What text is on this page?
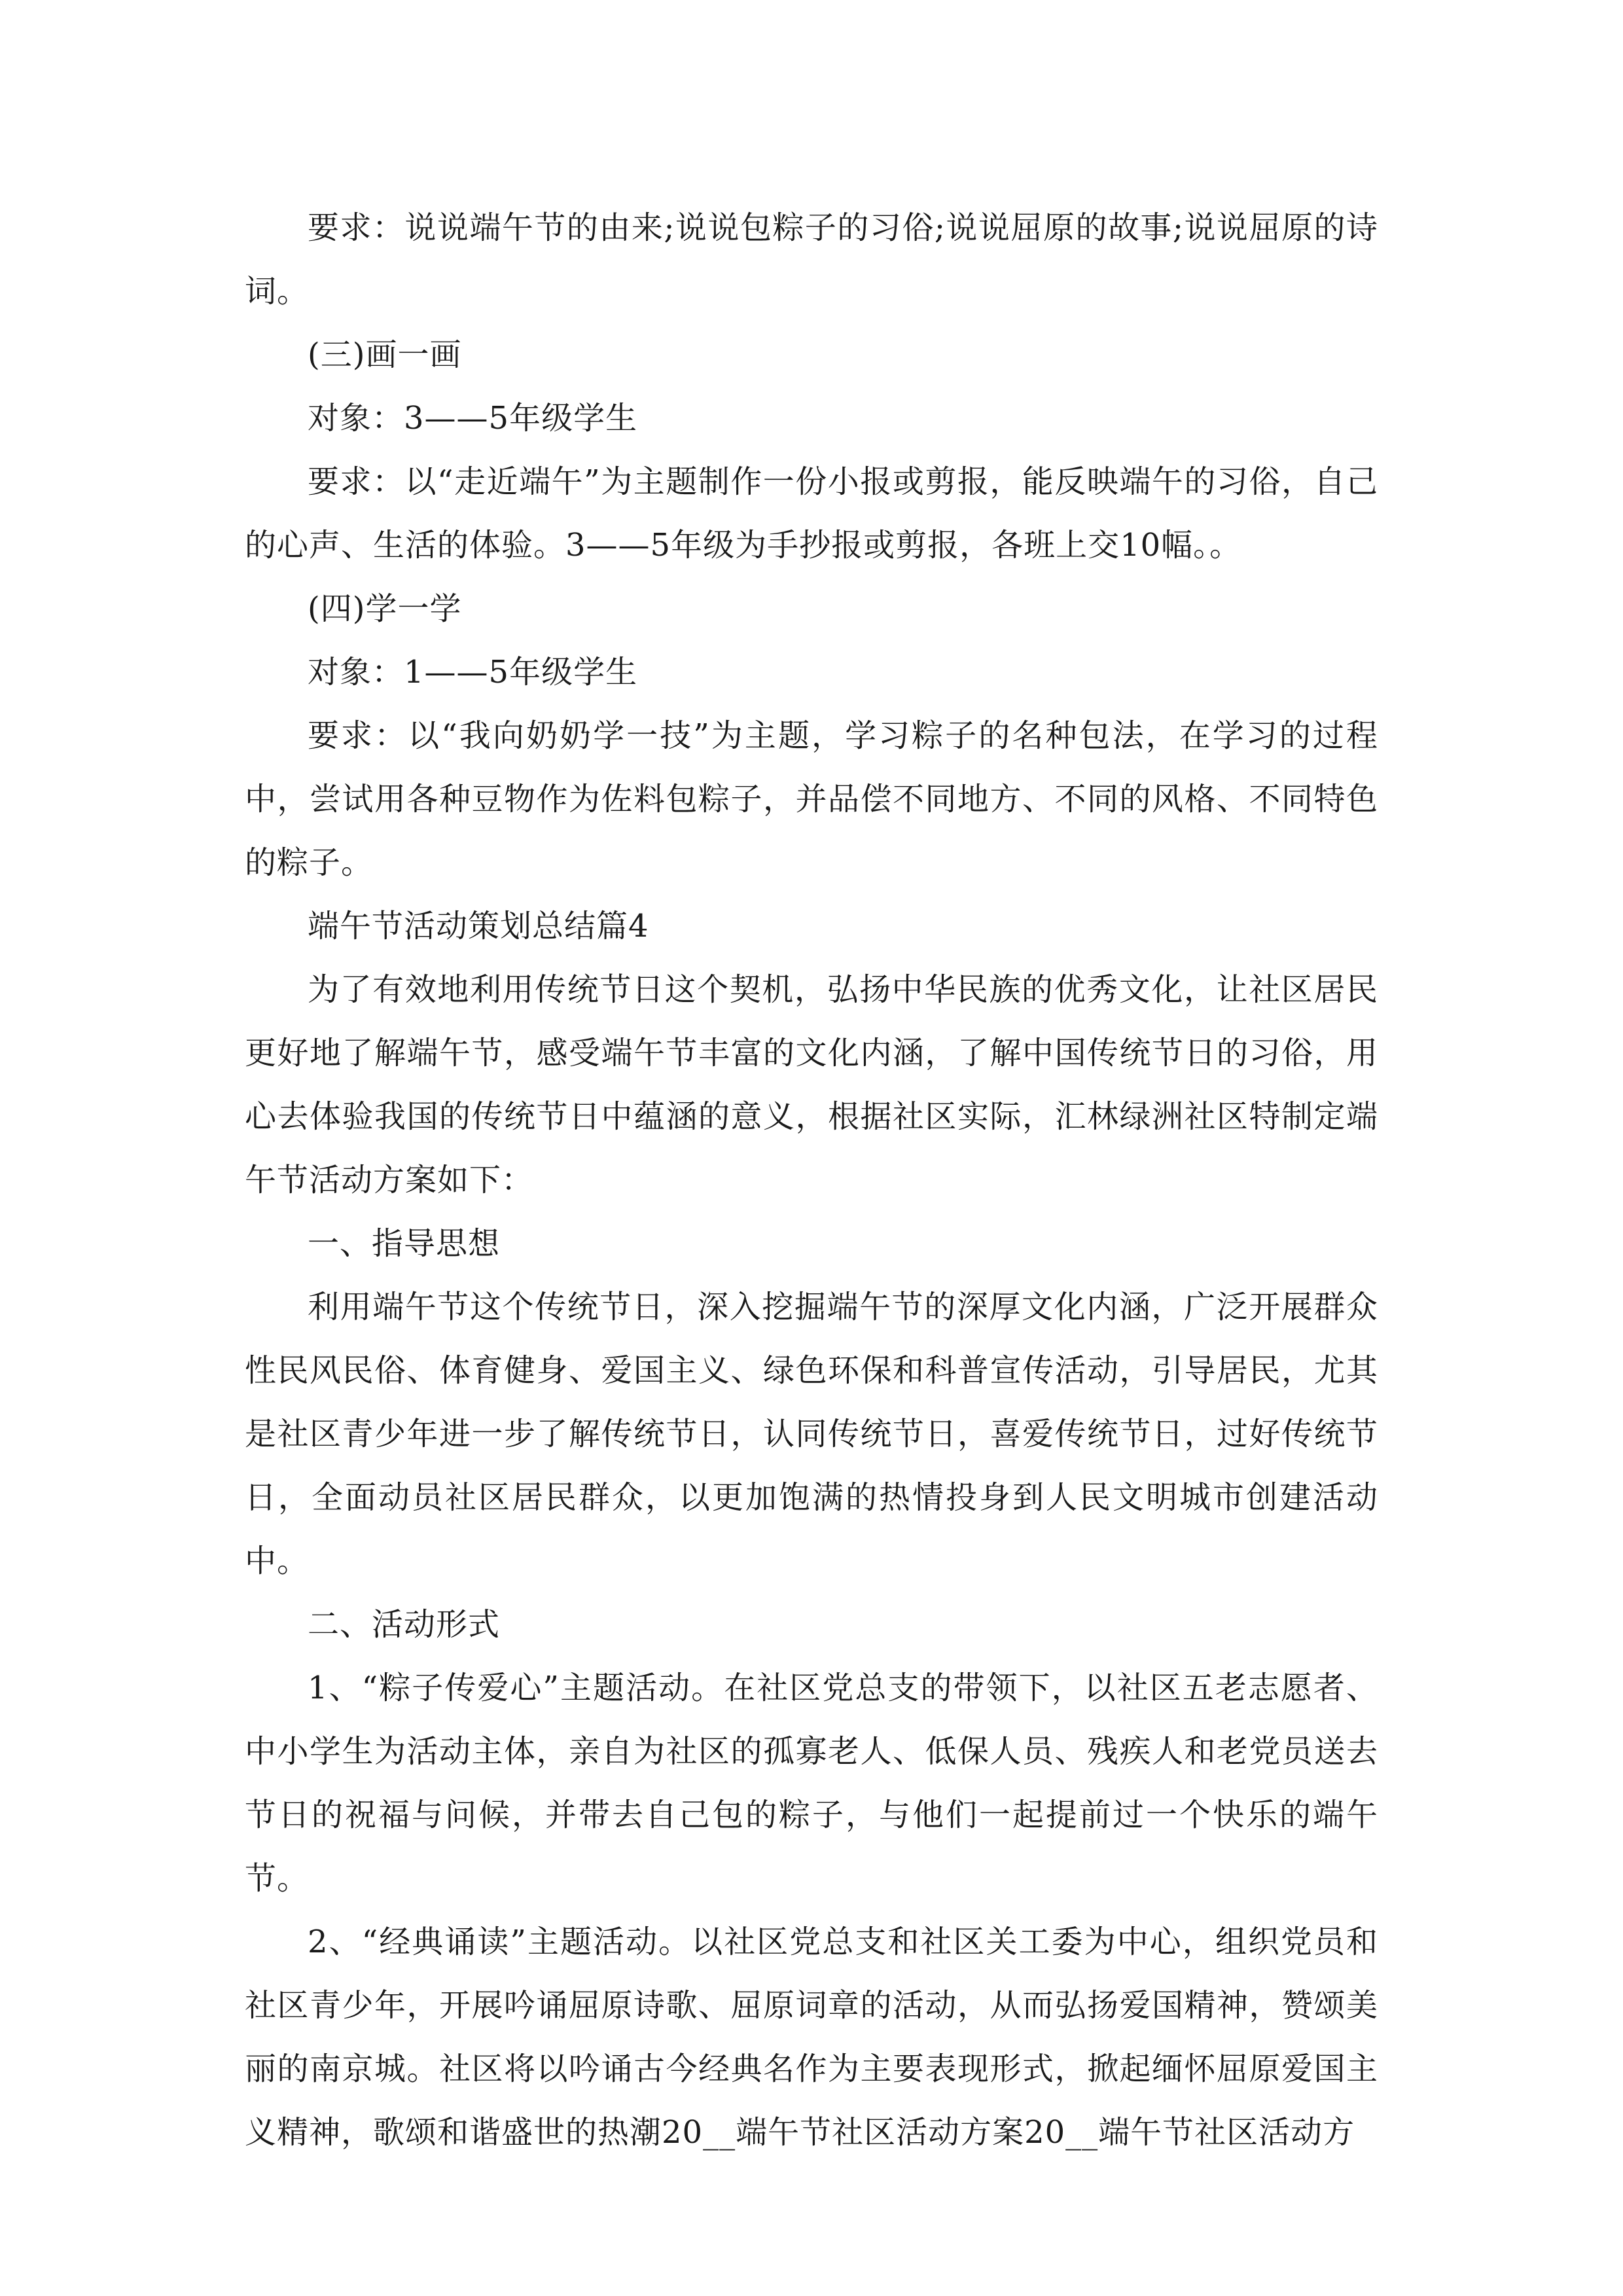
要求：说说端午节的由来;说说包粽子的习俗;说说屈原的故事;说说屈原的诗词。

(三)画一画

对象：3——5年级学生

要求：以“走近端午”为主题制作一份小报或剪报，能反映端午的习俗，自己的心声、生活的体验。3——5年级为手抄报或剪报，各班上交10幅。。

(四)学一学

对象：1——5年级学生

要求：以“我向奶奶学一技”为主题，学习粽子的名种包法，在学习的过程中，尝试用各种豆物作为佐料包粽子，并品偿不同地方、不同的风格、不同特色的粽子。

端午节活动策划总结篇4

为了有效地利用传统节日这个契机，弘扬中华民族的优秀文化，让社区居民更好地了解端午节，感受端午节丰富的文化内涵，了解中国传统节日的习俗，用心去体验我国的传统节日中蕴涵的意义，根据社区实际，汇林绿洲社区特制定端午节活动方案如下：

一、指导思想

利用端午节这个传统节日，深入挖掘端午节的深厚文化内涵，广泛开展群众性民风民俗、体育健身、爱国主义、绿色环保和科普宣传活动，引导居民，尤其是社区青少年进一步了解传统节日，认同传统节日，喜爱传统节日，过好传统节日，全面动员社区居民群众，以更加饱满的热情投身到人民文明城市创建活动中。

二、活动形式

1、“粽子传爱心”主题活动。在社区党总支的带领下，以社区五老志愿者、中小学生为活动主体，亲自为社区的孤寡老人、低保人员、残疾人和老党员送去节日的祝福与问候，并带去自己包的粽子，与他们一起提前过一个快乐的端午节。

2、“经典诵读”主题活动。以社区党总支和社区关工委为中心，组织党员和社区青少年，开展吟诵屈原诗歌、屈原词章的活动，从而弘扬爱国精神，赞颂美丽的南京城。社区将以吟诵古今经典名作为主要表现形式，掀起缅怀屈原爱国主义精神，歌颂和谐盛世的热潮20__端午节社区活动方案20__端午节社区活动方
